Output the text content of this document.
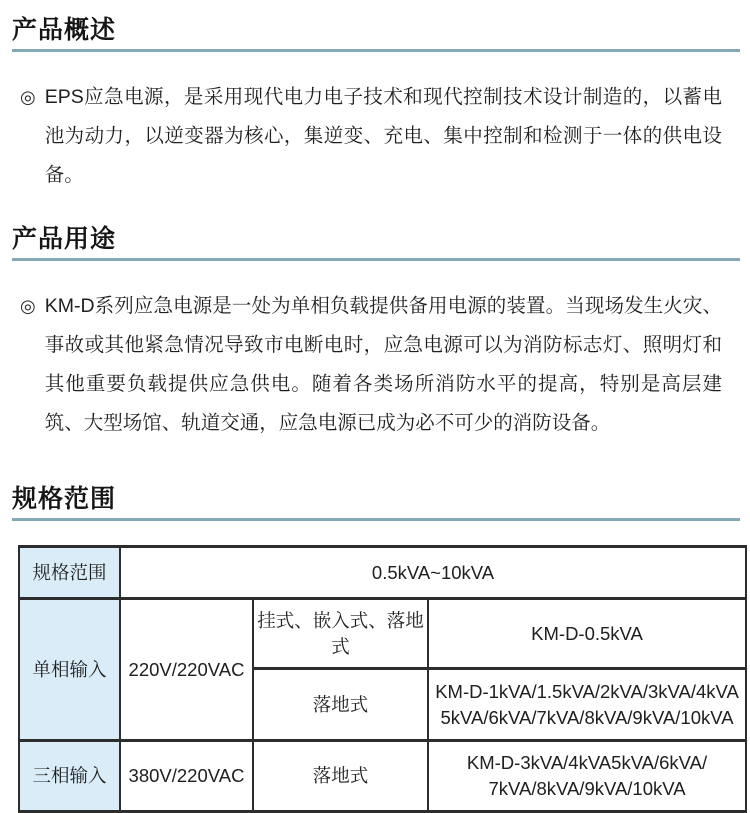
产品概述
◎ EPS应急电源，是采用现代电力电子技术和现代控制技术设计制造的，以蓄电池为动力，以逆变器为核心，集逆变、充电、集中控制和检测于一体的供电设备。
产品用途
◎ KM-D系列应急电源是一处为单相负载提供备用电源的装置。当现场发生火灾、事故或其他紧急情况导致市电断电时，应急电源可以为消防标志灯、照明灯和其他重要负载提供应急供电。随着各类场所消防水平的提高，特别是高层建筑、大型场馆、轨道交通，应急电源已成为必不可少的消防设备。
规格范围
规格范围	0.5kVA~10kVA		
单相输入	220V/220VAC	挂式、嵌入式、落地式	KM-D-0.5kVA
		落地式	KM-D-1kVA/1.5kVA/2kVA/3kVA/4kVA
5kVA/6kVA/7kVA/8kVA/9kVA/10kVA

三相输入	380V/220VAC	落地式	KM-D-3kVA/4kVA5kVA/6kVA/
7kVA/8kVA/9kVA/10kVA
